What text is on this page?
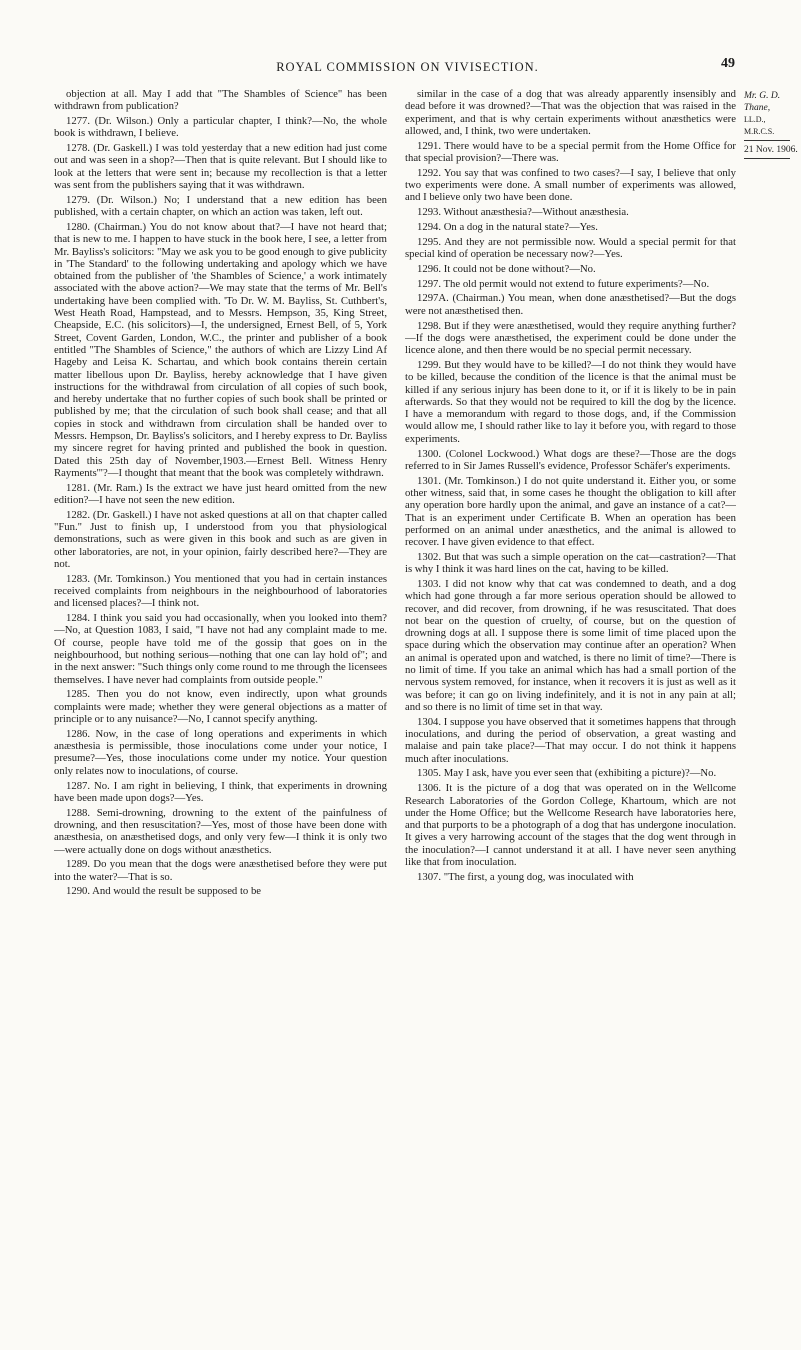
ROYAL COMMISSION ON VIVISECTION.	49

objection at all. May I add that "The Shambles of Science" has been withdrawn from publication?

1277. (Dr. Wilson.) Only a particular chapter, I think?—No, the whole book is withdrawn, I believe.

1278. (Dr. Gaskell.) I was told yesterday that a new edition had just come out and was seen in a shop?—Then that is quite relevant. But I should like to look at the letters that were sent in; because my recollection is that a letter was sent from the publishers saying that it was withdrawn.

1279. (Dr. Wilson.) No; I understand that a new edition has been published, with a certain chapter, on which an action was taken, left out.

1280. (Chairman.) You do not know about that?—I have not heard that; that is new to me. I happen to have stuck in the book here, I see, a letter from Mr. Bayliss's solicitors: "May we ask you to be good enough to give publicity in 'The Standard' to the following undertaking and apology which we have obtained from the publisher of 'the Shambles of Science,' a work intimately associated with the above action?—We may state that the terms of Mr. Bell's undertaking have been complied with. 'To Dr. W. M. Bayliss, St. Cuthbert's, West Heath Road, Hampstead, and to Messrs. Hempson, 35, King Street, Cheapside, E.C. (his solicitors)—I, the undersigned, Ernest Bell, of 5, York Street, Covent Garden, London, W.C., the printer and publisher of a book entitled "The Shambles of Science," the authors of which are Lizzy Lind Af Hageby and Leisa K. Schartau, and which book contains therein certain matter libellous upon Dr. Bayliss, hereby acknowledge that I have given instructions for the withdrawal from circulation of all copies of such book, and hereby undertake that no further copies of such book shall be printed or published by me; that the circulation of such book shall cease; and that all copies in stock and withdrawn from circulation shall be handed over to Messrs. Hempson, Dr. Bayliss's solicitors, and I hereby express to Dr. Bayliss my sincere regret for having printed and published the book in question. Dated this 25th day of November,1903.—Ernest Bell. Witness Henry Rayments'"?—I thought that meant that the book was completely withdrawn.

1281. (Mr. Ram.) Is the extract we have just heard omitted from the new edition?—I have not seen the new edition.

1282. (Dr. Gaskell.) I have not asked questions at all on that chapter called "Fun." Just to finish up, I understood from you that physiological demonstrations, such as were given in this book and such as are given in other laboratories, are not, in your opinion, fairly described here?—They are not.

1283. (Mr. Tomkinson.) You mentioned that you had in certain instances received complaints from neighbours in the neighbourhood of laboratories and licensed places?—I think not.

1284. I think you said you had occasionally, when you looked into them?—No, at Question 1083, I said, "I have not had any complaint made to me. Of course, people have told me of the gossip that goes on in the neighbourhood, but nothing serious—nothing that one can lay hold of"; and in the next answer: "Such things only come round to me through the licensees themselves. I have never had complaints from outside people."

1285. Then you do not know, even indirectly, upon what grounds complaints were made; whether they were general objections as a matter of principle or to any nuisance?—No, I cannot specify anything.

1286. Now, in the case of long operations and experiments in which anæsthesia is permissible, those inoculations come under your notice, I presume?—Yes, those inoculations come under my notice. Your question only relates now to inoculations, of course.

1287. No. I am right in believing, I think, that experiments in drowning have been made upon dogs?—Yes.

1288. Semi-drowning, drowning to the extent of the painfulness of drowning, and then resuscitation?—Yes, most of those have been done with anæsthesia, on anæsthetised dogs, and only very few—I think it is only two—were actually done on dogs without anæsthetics.

1289. Do you mean that the dogs were anæsthetised before they were put into the water?—That is so.

1290. And would the result be supposed to be

similar in the case of a dog that was already apparently insensibly and dead before it was drowned?—That was the objection that was raised in the experiment, and that is why certain experiments without anæsthetics were allowed, and, I think, two were undertaken.

1291. There would have to be a special permit from the Home Office for that special provision?—There was.

1292. You say that was confined to two cases?—I say, I believe that only two experiments were done. A small number of experiments was allowed, and I believe only two have been done.

1293. Without anæsthesia?—Without anæsthesia.

1294. On a dog in the natural state?—Yes.

1295. And they are not permissible now. Would a special permit for that special kind of operation be necessary now?—Yes.

1296. It could not be done without?—No.

1297. The old permit would not extend to future experiments?—No.

1297A. (Chairman.) You mean, when done anæsthetised?—But the dogs were not anæsthetised then.

1298. But if they were anæsthetised, would they require anything further?—If the dogs were anæsthetised, the experiment could be done under the licence alone, and then there would be no special permit necessary.

1299. But they would have to be killed?—I do not think they would have to be killed, because the condition of the licence is that the animal must be killed if any serious injury has been done to it, or if it is likely to be in pain afterwards. So that they would not be required to kill the dog by the licence. I have a memorandum with regard to those dogs, and, if the Commission would allow me, I should rather like to lay it before you, with regard to those experiments.

1300. (Colonel Lockwood.) What dogs are these?—Those are the dogs referred to in Sir James Russell's evidence, Professor Schäfer's experiments.

1301. (Mr. Tomkinson.) I do not quite understand it. Either you, or some other witness, said that, in some cases he thought the obligation to kill after any operation bore hardly upon the animal, and gave an instance of a cat?—That is an experiment under Certificate B. When an operation has been performed on an animal under anæsthetics, and the animal is allowed to recover. I have given evidence to that effect.

1302. But that was such a simple operation on the cat—castration?—That is why I think it was hard lines on the cat, having to be killed.

1303. I did not know why that cat was condemned to death, and a dog which had gone through a far more serious operation should be allowed to recover, and did recover, from drowning, if he was resuscitated. That does not bear on the question of cruelty, of course, but on the question of drowning dogs at all. I suppose there is some limit of time placed upon the space during which the observation may continue after an operation? When an animal is operated upon and watched, is there no limit of time?—There is no limit of time. If you take an animal which has had a small portion of the nervous system removed, for instance, when it recovers it is just as well as it was before; it can go on living indefinitely, and it is not in any pain at all; and so there is no limit of time set in that way.

1304. I suppose you have observed that it sometimes happens that through inoculations, and during the period of observation, a great wasting and malaise and pain take place?—That may occur. I do not think it happens much after inoculations.

1305. May I ask, have you ever seen that (exhibiting a picture)?—No.

1306. It is the picture of a dog that was operated on in the Wellcome Research Laboratories of the Gordon College, Khartoum, which are not under the Home Office; but the Wellcome Research have laboratories here, and that purports to be a photograph of a dog that has undergone inoculation. It gives a very harrowing account of the stages that the dog went through in the inoculation?—I cannot understand it at all. I have never seen anything like that from inoculation.

1307. "The first, a young dog, was inoculated with

Mr. G. D.
Thane,
LL.D.,
M.R.C.S.
21 Nov. 1906.
